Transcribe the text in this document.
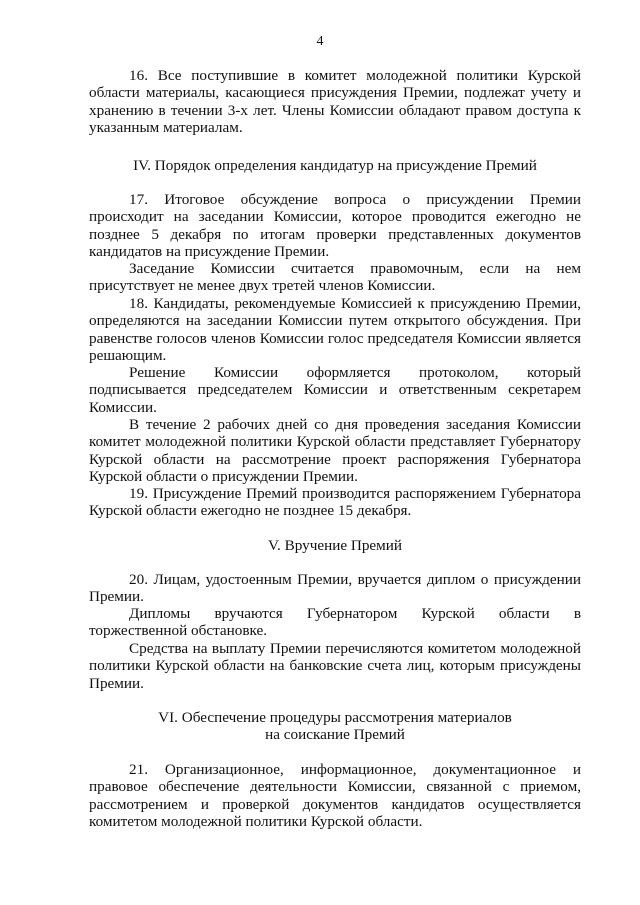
4

16. Все поступившие в комитет молодежной политики Курской области материалы, касающиеся присуждения Премии, подлежат учету и хранению в течении 3-х лет. Члены Комиссии обладают правом доступа к указанным материалам.

IV. Порядок определения кандидатур на присуждение Премий

17. Итоговое обсуждение вопроса о присуждении Премии происходит на заседании Комиссии, которое проводится ежегодно не позднее 5 декабря по итогам проверки представленных документов кандидатов на присуждение Премии.

Заседание Комиссии считается правомочным, если на нем присутствует не менее двух третей членов Комиссии.

18. Кандидаты, рекомендуемые Комиссией к присуждению Премии, определяются на заседании Комиссии путем открытого обсуждения. При равенстве голосов членов Комиссии голос председателя Комиссии является решающим.

Решение Комиссии оформляется протоколом, который подписывается председателем Комиссии и ответственным секретарем Комиссии.

В течение 2 рабочих дней со дня проведения заседания Комиссии комитет молодежной политики Курской области представляет Губернатору Курской области на рассмотрение проект распоряжения Губернатора Курской области о присуждении Премии.

19. Присуждение Премий производится распоряжением Губернатора Курской области ежегодно не позднее 15 декабря.

V. Вручение Премий

20. Лицам, удостоенным Премии, вручается диплом о присуждении Премии.

Дипломы вручаются Губернатором Курской области в торжественной обстановке.

Средства на выплату Премии перечисляются комитетом молодежной политики Курской области на банковские счета лиц, которым присуждены Премии.

VI. Обеспечение процедуры рассмотрения материалов
на соискание Премий

21. Организационное, информационное, документационное и правовое обеспечение деятельности Комиссии, связанной с приемом, рассмотрением и проверкой документов кандидатов осуществляется комитетом молодежной политики Курской области.
